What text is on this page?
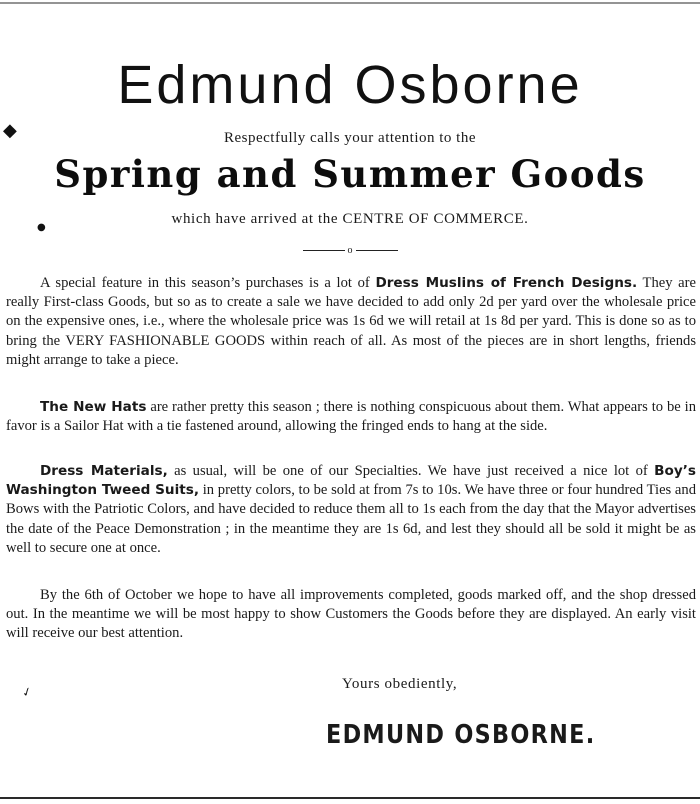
◆
●
✓
Edmund Osborne
Respectfully calls your attention to the
Spring and Summer Goods
which have arrived at the CENTRE OF COMMERCE.
o

A special feature in this season’s purchases is a lot of Dress Muslins of French Designs. They are really First-class Goods, but so as to create a sale we have decided to add only 2d per yard over the wholesale price on the expensive ones, i.e., where the wholesale price was 1s 6d we will retail at 1s 8d per yard. This is done so as to bring the VERY FASHIONABLE GOODS within reach of all. As most of the pieces are in short lengths, friends might arrange to take a piece.

The New Hats are rather pretty this season ; there is nothing conspicuous about them. What appears to be in favor is a Sailor Hat with a tie fastened around, allowing the fringed ends to hang at the side.

Dress Materials, as usual, will be one of our Specialties. We have just received a nice lot of Boy’s Washington Tweed Suits, in pretty colors, to be sold at from 7s to 10s. We have three or four hundred Ties and Bows with the Patriotic Colors, and have decided to reduce them all to 1s each from the day that the Mayor advertises the date of the Peace Demonstration ; in the meantime they are 1s 6d, and lest they should all be sold it might be as well to secure one at once.

By the 6th of October we hope to have all improvements completed, goods marked off, and the shop dressed out. In the meantime we will be most happy to show Customers the Goods before they are displayed. An early visit will receive our best attention.

Yours obediently,
EDMUND OSBORNE.
